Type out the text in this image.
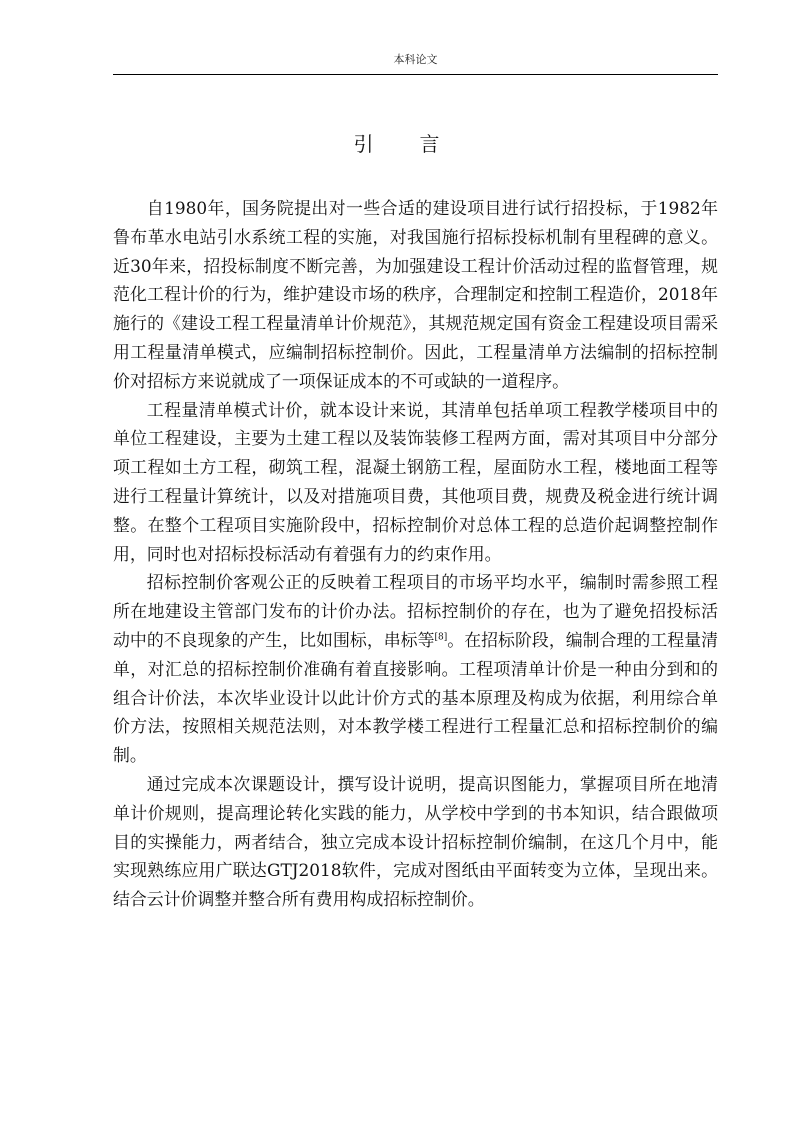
本科论文
引言

自1980年，国务院提出对一些合适的建设项目进行试行招投标，于1982年鲁布革水电站引水系统工程的实施，对我国施行招标投标机制有里程碑的意义。近30年来，招投标制度不断完善，为加强建设工程计价活动过程的监督管理，规范化工程计价的行为，维护建设市场的秩序，合理制定和控制工程造价，2018年施行的《建设工程工程量清单计价规范》，其规范规定国有资金工程建设项目需采用工程量清单模式，应编制招标控制价。因此，工程量清单方法编制的招标控制价对招标方来说就成了一项保证成本的不可或缺的一道程序。

工程量清单模式计价，就本设计来说，其清单包括单项工程教学楼项目中的单位工程建设，主要为土建工程以及装饰装修工程两方面，需对其项目中分部分项工程如土方工程，砌筑工程，混凝土钢筋工程，屋面防水工程，楼地面工程等进行工程量计算统计，以及对措施项目费，其他项目费，规费及税金进行统计调整。在整个工程项目实施阶段中，招标控制价对总体工程的总造价起调整控制作用，同时也对招标投标活动有着强有力的约束作用。

招标控制价客观公正的反映着工程项目的市场平均水平，编制时需参照工程所在地建设主管部门发布的计价办法。招标控制价的存在，也为了避免招投标活动中的不良现象的产生，比如围标，串标等[8]。在招标阶段，编制合理的工程量清单，对汇总的招标控制价准确有着直接影响。工程项清单计价是一种由分到和的组合计价法，本次毕业设计以此计价方式的基本原理及构成为依据，利用综合单价方法，按照相关规范法则，对本教学楼工程进行工程量汇总和招标控制价的编制。

通过完成本次课题设计，撰写设计说明，提高识图能力，掌握项目所在地清单计价规则，提高理论转化实践的能力，从学校中学到的书本知识，结合跟做项目的实操能力，两者结合，独立完成本设计招标控制价编制，在这几个月中，能实现熟练应用广联达GTJ2018软件，完成对图纸由平面转变为立体，呈现出来。结合云计价调整并整合所有费用构成招标控制价。
